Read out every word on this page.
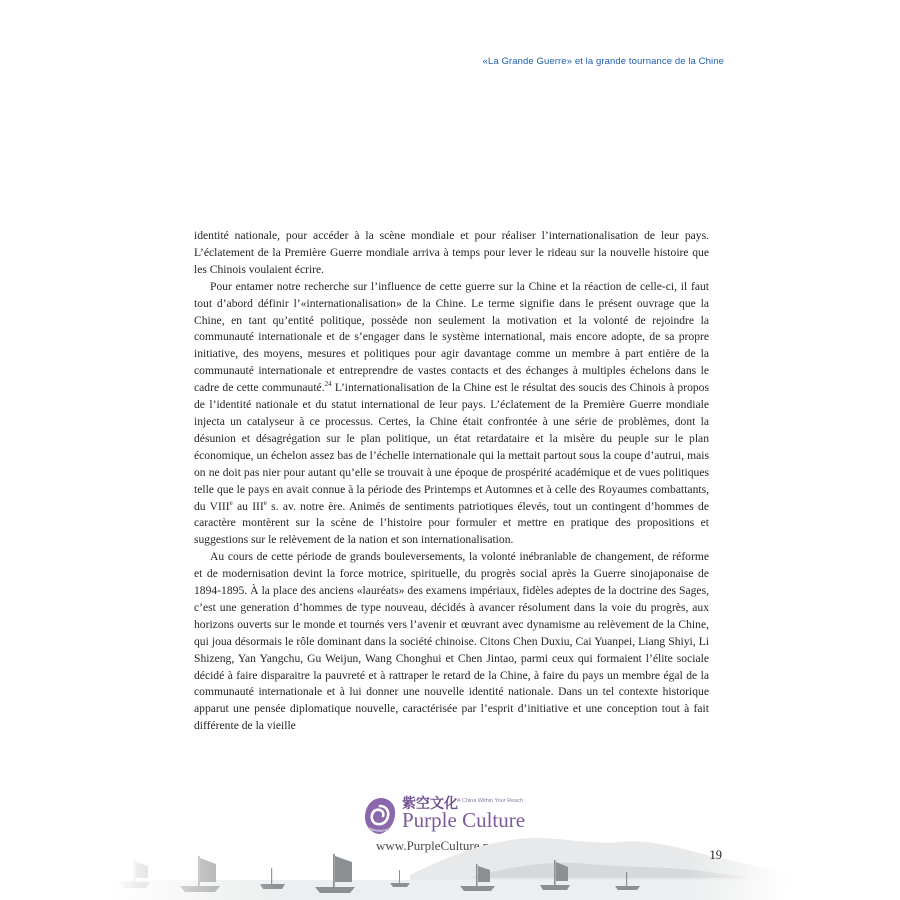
«La Grande Guerre» et la grande tournance de la Chine

identité nationale, pour accéder à la scène mondiale et pour réaliser l’internationalisation de leur pays. L’éclatement de la Première Guerre mondiale arriva à temps pour lever le rideau sur la nouvelle histoire que les Chinois voulaient écrire.

Pour entamer notre recherche sur l’influence de cette guerre sur la Chine et la réaction de celle-ci, il faut tout d’abord définir l’«internationalisation» de la Chine. Le terme signifie dans le présent ouvrage que la Chine, en tant qu’entité politique, possède non seulement la motivation et la volonté de rejoindre la communauté internationale et de s’engager dans le système international, mais encore adopte, de sa propre initiative, des moyens, mesures et politiques pour agir davantage comme un membre à part entière de la communauté internationale et entreprendre de vastes contacts et des échanges à multiples échelons dans le cadre de cette communauté.$^{24}$ L’internationalisation de la Chine est le résultat des soucis des Chinois à propos de l’identité nationale et du statut international de leur pays. L’éclatement de la Première Guerre mondiale injecta un catalyseur à ce processus. Certes, la Chine était confrontée à une série de problèmes, dont la désunion et désagrégation sur le plan politique, un état retardataire et la misère du peuple sur le plan économique, un échelon assez bas de l’échelle internationale qui la mettait partout sous la coupe d’autrui, mais on ne doit pas nier pour autant qu’elle se trouvait à une époque de prospérité académique et de vues politiques telle que le pays en avait connue à la période des Printemps et Automnes et à celle des Royaumes combattants, du VIIIe au IIIe s. av. notre ère. Animés de sentiments patriotiques élevés, tout un contingent d’hommes de caractère montèrent sur la scène de l’histoire pour formuler et mettre en pratique des propositions et suggestions sur le relèvement de la nation et son internationalisation.

Au cours de cette période de grands bouleversements, la volonté inébranlable de changement, de réforme et de modernisation devint la force motrice, spirituelle, du progrès social après la Guerre sinojaponaise de 1894-1895. À la place des anciens «lauréats» des examens impériaux, fidèles adeptes de la doctrine des Sages, c’est une generation d’hommes de type nouveau, décidés à avancer résolument dans la voie du progrès, aux horizons ouverts sur le monde et tournés vers l’avenir et œuvrant avec dynamisme au relèvement de la Chine, qui joua désormais le rôle dominant dans la société chinoise. Citons Chen Duxiu, Cai Yuanpei, Liang Shiyi, Li Shizeng, Yan Yangchu, Gu Weijun, Wang Chonghui et Chen Jintao, parmi ceux qui formaient l’élite sociale décidé à faire disparaitre la pauvreté et à rattraper le retard de la Chine, à faire du pays un membre égal de la communauté internationale et à lui donner une nouvelle identité nationale. Dans un tel contexte historique apparut une pensée diplomatique nouvelle, caractérisée par l’esprit d’initiative et une conception tout à fait différente de la vieille

紫空文化 A China Within Your Reach
19
